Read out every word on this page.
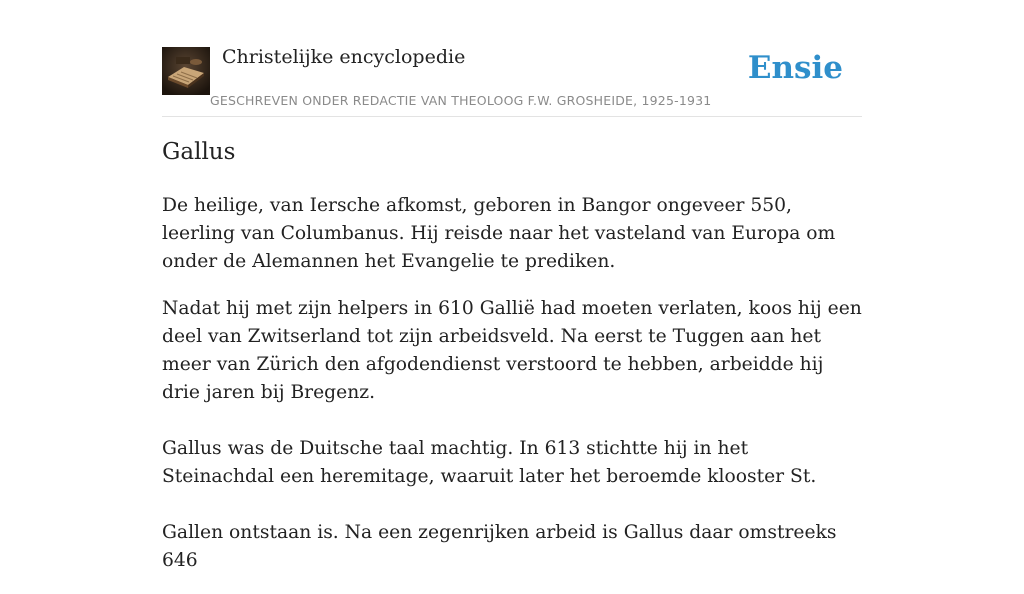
Christelijke encyclopedie
GESCHREVEN ONDER REDACTIE VAN THEOLOOG F.W. GROSHEIDE, 1925-1931
Ensie
Gallus

De heilige, van Iersche afkomst, geboren in Bangor ongeveer 550, leerling van Columbanus. Hij reisde naar het vasteland van Europa om onder de Alemannen het Evangelie te prediken.

Nadat hij met zijn helpers in 610 Gallië had moeten verlaten, koos hij een deel van Zwitserland tot zijn arbeidsveld. Na eerst te Tuggen aan het meer van Zürich den afgodendienst verstoord te hebben, arbeidde hij drie jaren bij Bregenz.

Gallus was de Duitsche taal machtig. In 613 stichtte hij in het Steinachdal een heremitage, waaruit later het beroemde klooster St.

Gallen ontstaan is. Na een zegenrijken arbeid is Gallus daar omstreeks 646
